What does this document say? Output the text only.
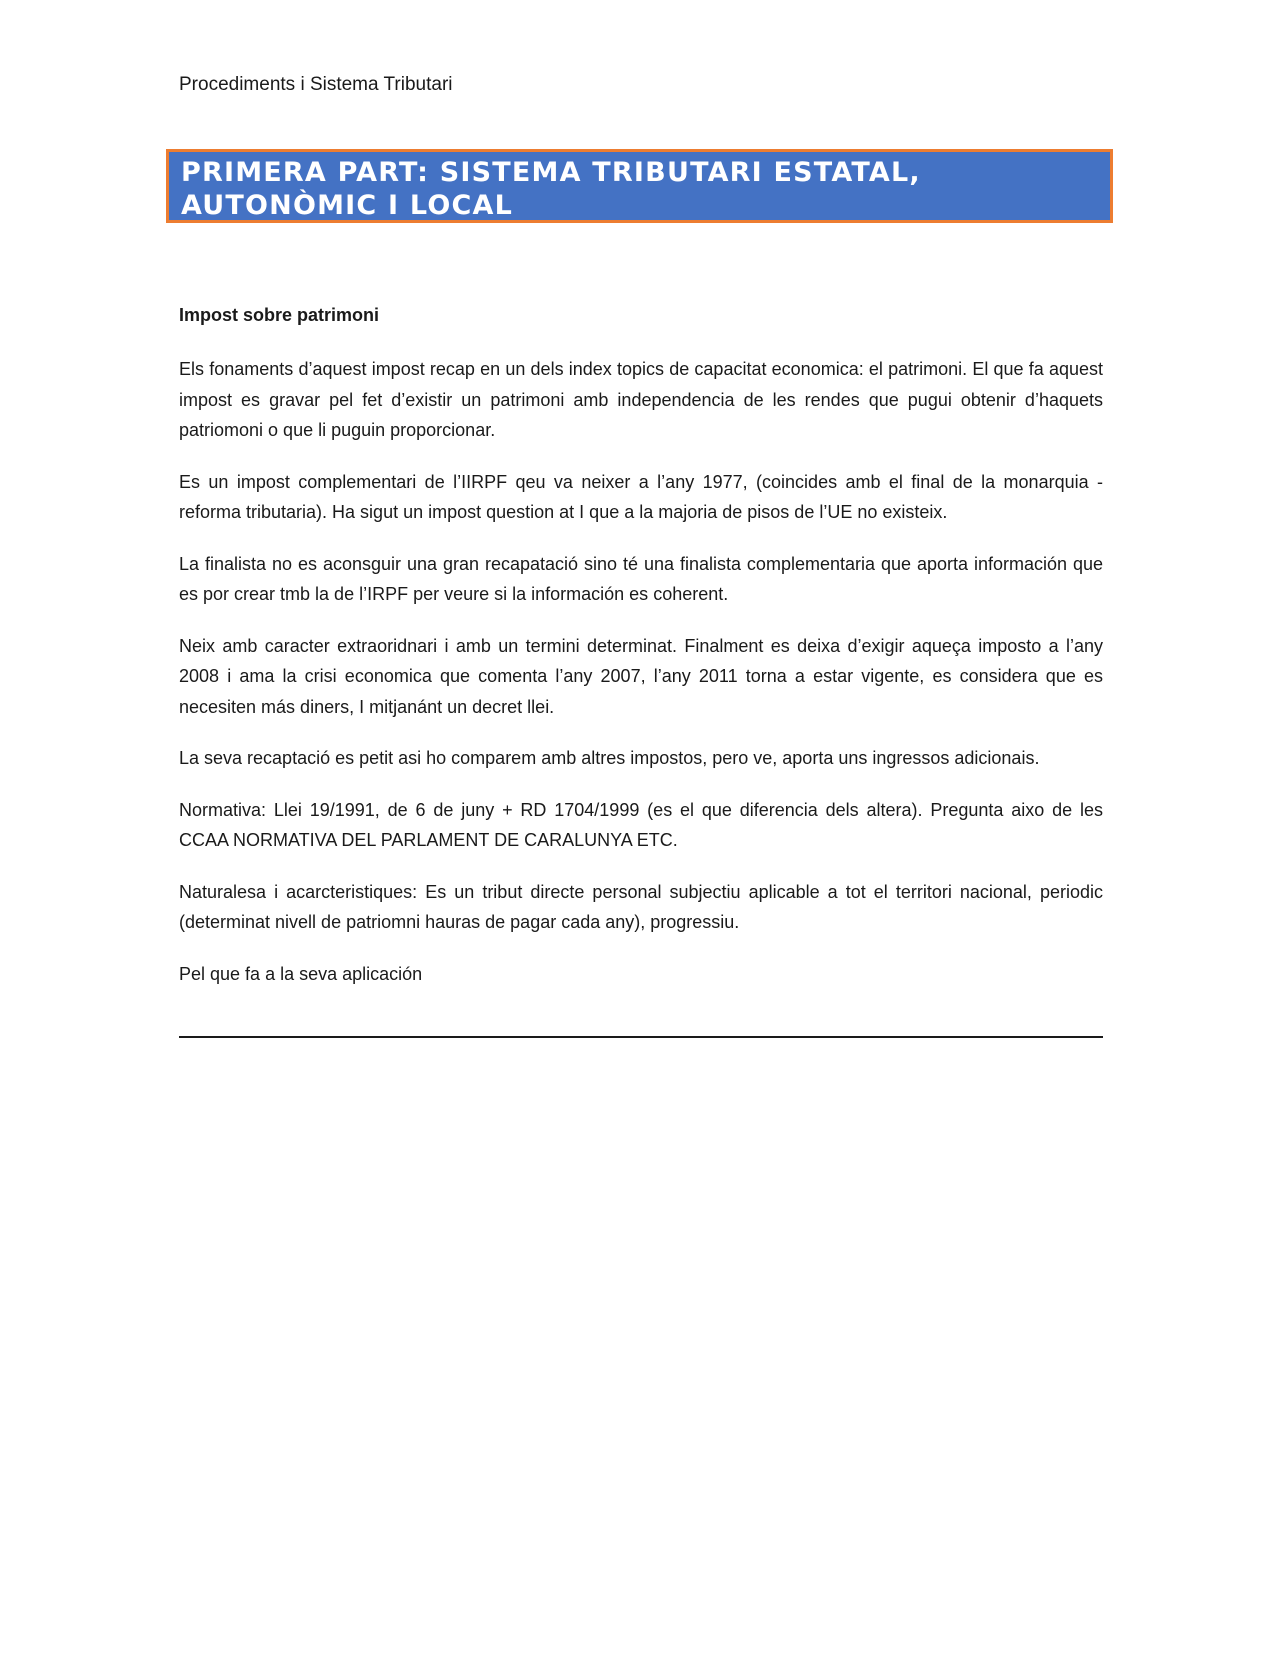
Procediments i Sistema Tributari

PRIMERA PART: SISTEMA TRIBUTARI ESTATAL,

AUTONÒMIC I LOCAL

Impost sobre patrimoni

Els fonaments d’aquest impost recap en un dels index topics de capacitat economica: el patrimoni. El que fa aquest impost es gravar pel fet d’existir un patrimoni amb independencia de les rendes que pugui obtenir d’haquets patriomoni o que li puguin proporcionar.

Es un impost complementari de l’IIRPF qeu va neixer a l’any 1977, (coincides amb el final de la monarquia - reforma tributaria). Ha sigut un impost question at I que a la majoria de pisos de l’UE no existeix.

La finalista no es aconsguir una gran recapatació sino té una finalista complementaria que aporta información que es por crear tmb la de l’IRPF per veure si la información es coherent.

Neix amb caracter extraoridnari i amb un termini determinat. Finalment es deixa d’exigir aqueça imposto a l’any 2008 i ama la crisi economica que comenta l’any 2007, l’any 2011 torna a estar vigente, es considera que es necesiten más diners, I mitjanánt un decret llei.

La seva recaptació es petit asi ho comparem amb altres impostos, pero ve, aporta uns ingressos adicionais.

Normativa: Llei 19/1991, de 6 de juny + RD 1704/1999 (es el que diferencia dels altera). Pregunta aixo de les CCAA NORMATIVA DEL PARLAMENT DE CARALUNYA ETC.

Naturalesa i acarcteristiques: Es un tribut directe personal subjectiu aplicable a tot el territori nacional, periodic (determinat nivell de patriomni hauras de pagar cada any), progressiu.

Pel que fa a la seva aplicación
